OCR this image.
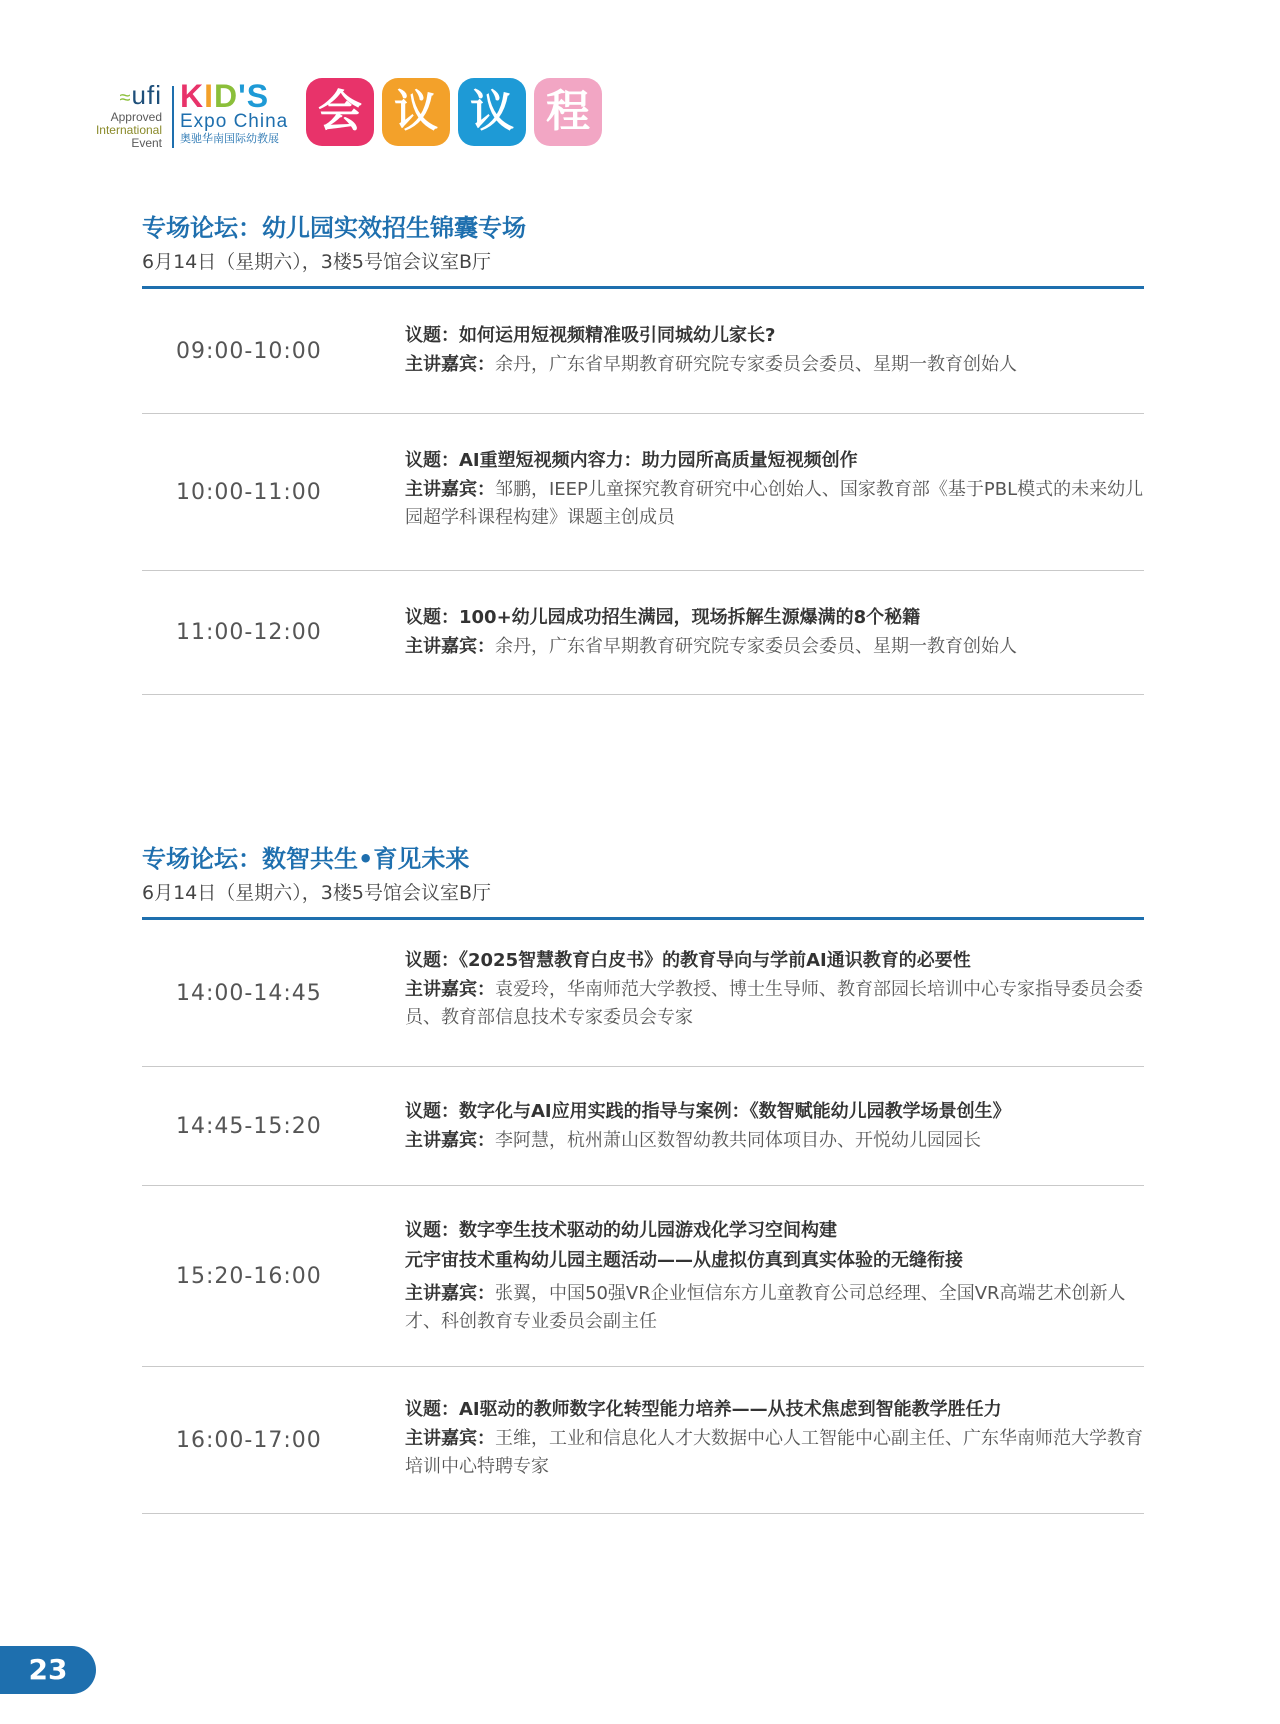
≈ufi
Approved
International
Event
KID'S
Expo China
奥驰华南国际幼教展
会 议 议 程
专场论坛：幼儿园实效招生锦囊专场
6月14日（星期六），3楼5号馆会议室B厅
09:00-10:00
议题：如何运用短视频精准吸引同城幼儿家长?
主讲嘉宾：余丹，广东省早期教育研究院专家委员会委员、星期一教育创始人
10:00-11:00
议题：AI重塑短视频内容力：助力园所高质量短视频创作
主讲嘉宾：邹鹏，IEEP儿童探究教育研究中心创始人、国家教育部《基于PBL模式的未来幼儿园超学科课程构建》课题主创成员
11:00-12:00
议题：100+幼儿园成功招生满园，现场拆解生源爆满的8个秘籍
主讲嘉宾：余丹，广东省早期教育研究院专家委员会委员、星期一教育创始人
专场论坛：数智共生•育见未来
6月14日（星期六），3楼5号馆会议室B厅
14:00-14:45
议题：《2025智慧教育白皮书》的教育导向与学前AI通识教育的必要性
主讲嘉宾：袁爱玲，华南师范大学教授、博士生导师、教育部园长培训中心专家指导委员会委员、教育部信息技术专家委员会专家
14:45-15:20
议题：数字化与AI应用实践的指导与案例：《数智赋能幼儿园教学场景创生》
主讲嘉宾：李阿慧，杭州萧山区数智幼教共同体项目办、开悦幼儿园园长
15:20-16:00
议题：数字孪生技术驱动的幼儿园游戏化学习空间构建
元宇宙技术重构幼儿园主题活动——从虚拟仿真到真实体验的无缝衔接
主讲嘉宾：张翼，中国50强VR企业恒信东方儿童教育公司总经理、全国VR高端艺术创新人才、科创教育专业委员会副主任
16:00-17:00
议题：AI驱动的教师数字化转型能力培养——从技术焦虑到智能教学胜任力
主讲嘉宾：王维，工业和信息化人才大数据中心人工智能中心副主任、广东华南师范大学教育培训中心特聘专家
23
